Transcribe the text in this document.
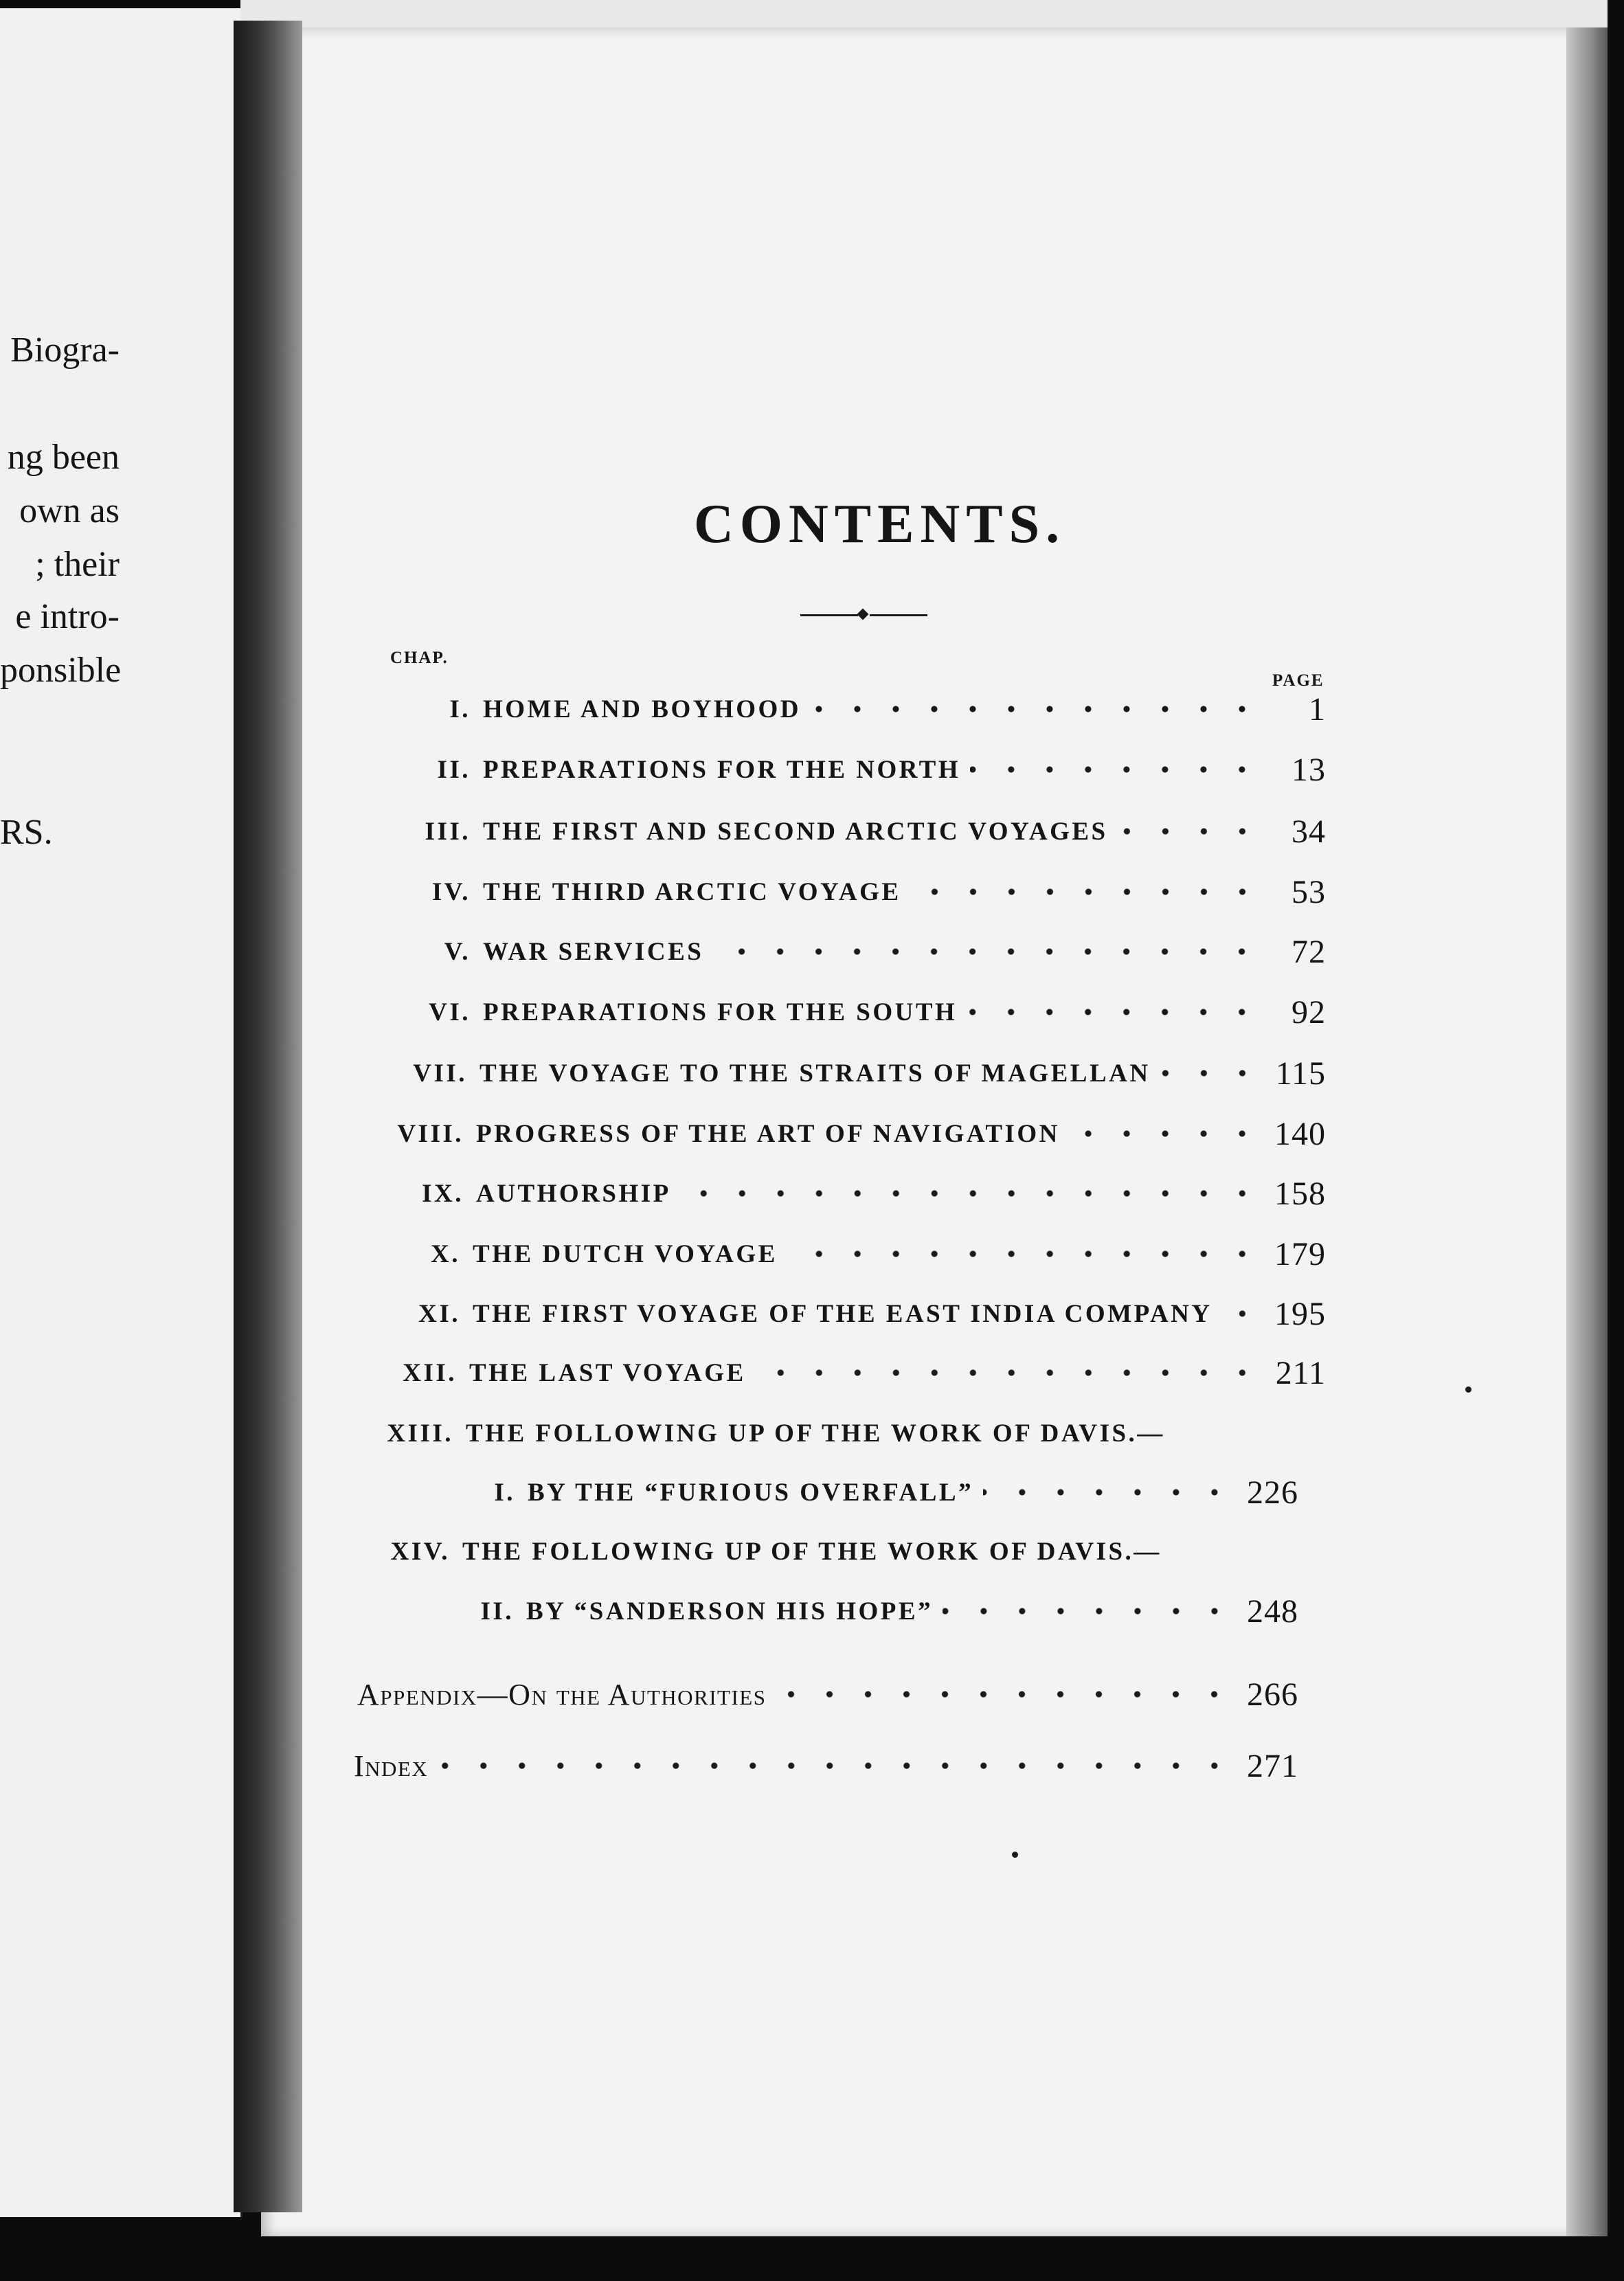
Biogra-
ng been
own as
; their
e intro-
ponsible
RS.
CONTENTS.
CHAP.
PAGE
I. HOME AND BOYHOOD	1
II. PREPARATIONS FOR THE NORTH	13
III. THE FIRST AND SECOND ARCTIC VOYAGES	34
IV. THE THIRD ARCTIC VOYAGE	53
V. WAR SERVICES	72
VI. PREPARATIONS FOR THE SOUTH	92
VII. THE VOYAGE TO THE STRAITS OF MAGELLAN	115
VIII. PROGRESS OF THE ART OF NAVIGATION	140
IX. AUTHORSHIP	158
X. THE DUTCH VOYAGE	179
XI. THE FIRST VOYAGE OF THE EAST INDIA COMPANY 195
XII. THE LAST VOYAGE	211
XIII. THE FOLLOWING UP OF THE WORK OF DAVIS.—
I. BY THE “FURIOUS OVERFALL”	226
XIV. THE FOLLOWING UP OF THE WORK OF DAVIS.—
II. BY “SANDERSON HIS HOPE”	248
Appendix—On the Authorities	266
Index	271
